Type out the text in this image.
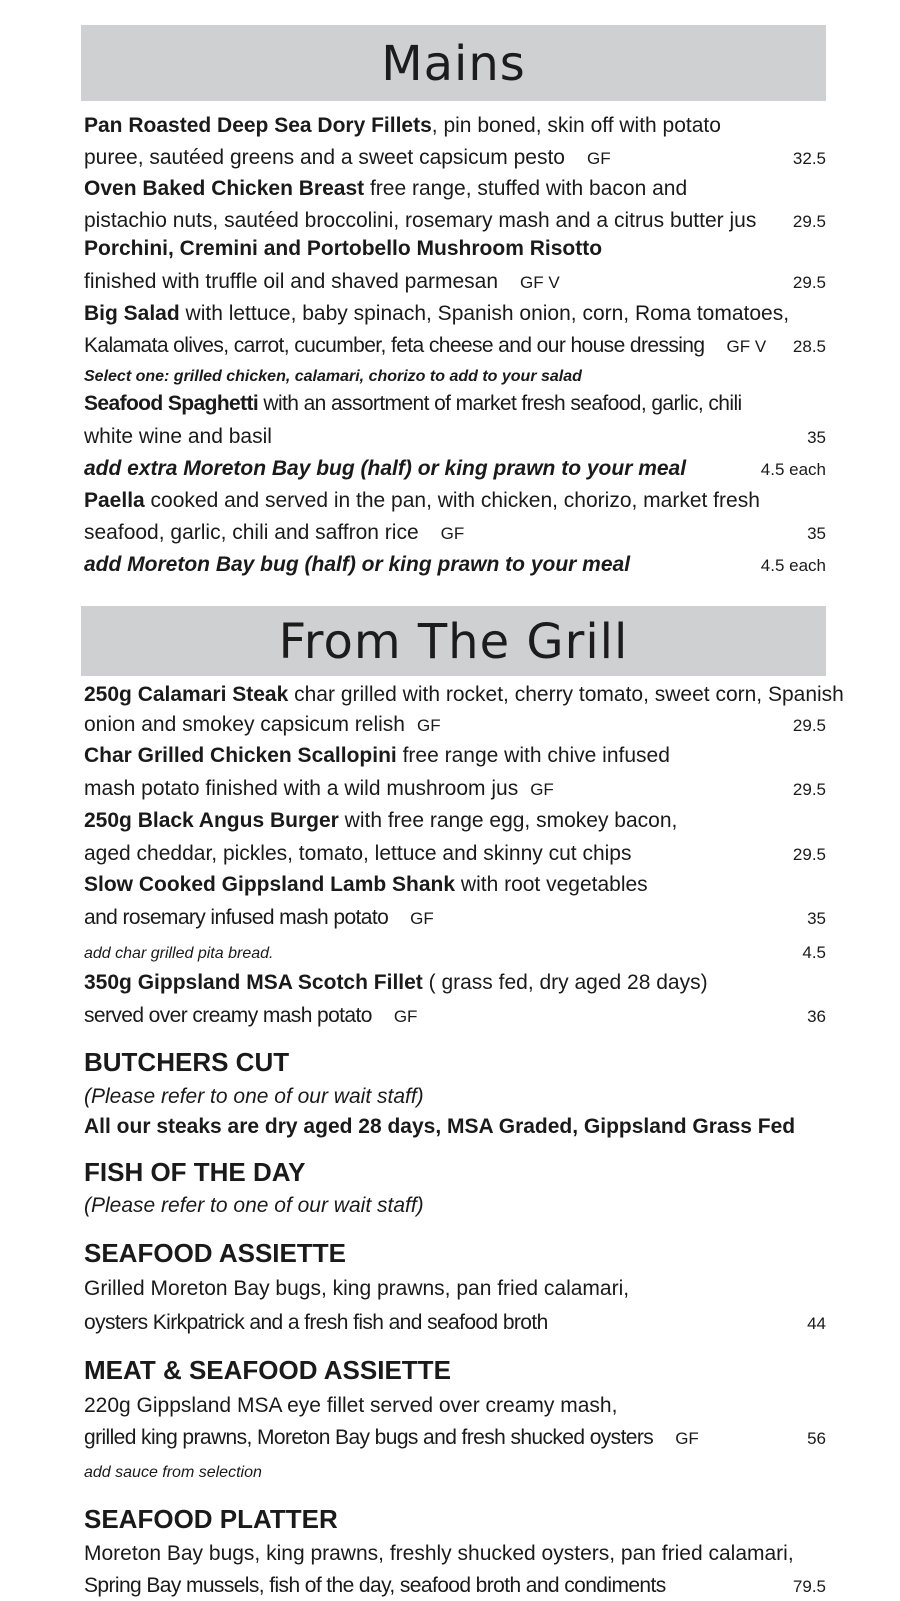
Mains
Pan Roasted Deep Sea Dory Fillets, pin boned, skin off with potato
puree, sautéed greens and a sweet capsicum pesto GF	32.5
Oven Baked Chicken Breast free range, stuffed with bacon and
pistachio nuts, sautéed broccolini, rosemary mash and a citrus butter jus 29.5
Porchini, Cremini and Portobello Mushroom Risotto
finished with truffle oil and shaved parmesan GF V	29.5
Big Salad with lettuce, baby spinach, Spanish onion, corn, Roma tomatoes,
Kalamata olives, carrot, cucumber, feta cheese and our house dressing GF V 28.5
Select one: grilled chicken, calamari, chorizo to add to your salad
Seafood Spaghetti with an assortment of market fresh seafood, garlic, chili
white wine and basil	35
add extra Moreton Bay bug (half) or king prawn to your meal	4.5 each
Paella cooked and served in the pan, with chicken, chorizo, market fresh
seafood, garlic, chili and saffron rice GF	35
add Moreton Bay bug (half) or king prawn to your meal	4.5 each
From The Grill
250g Calamari Steak char grilled with rocket, cherry tomato, sweet corn, Spanish
onion and smokey capsicum relish GF	29.5
Char Grilled Chicken Scallopini free range with chive infused
mash potato finished with a wild mushroom jus GF	29.5
250g Black Angus Burger with free range egg, smokey bacon,
aged cheddar, pickles, tomato, lettuce and skinny cut chips	29.5
Slow Cooked Gippsland Lamb Shank with root vegetables
and rosemary infused mash potato GF	35
add char grilled pita bread.	4.5
350g Gippsland MSA Scotch Fillet ( grass fed, dry aged 28 days)
served over creamy mash potato GF	36
BUTCHERS CUT
(Please refer to one of our wait staff)
All our steaks are dry aged 28 days, MSA Graded, Gippsland Grass Fed
FISH OF THE DAY
(Please refer to one of our wait staff)
SEAFOOD ASSIETTE
Grilled Moreton Bay bugs, king prawns, pan fried calamari,
oysters Kirkpatrick and a fresh fish and seafood broth	44
MEAT & SEAFOOD ASSIETTE
220g Gippsland MSA eye fillet served over creamy mash,
grilled king prawns, Moreton Bay bugs and fresh shucked oysters GF	56
add sauce from selection
SEAFOOD PLATTER
Moreton Bay bugs, king prawns, freshly shucked oysters, pan fried calamari,
Spring Bay mussels, fish of the day, seafood broth and condiments	79.5
